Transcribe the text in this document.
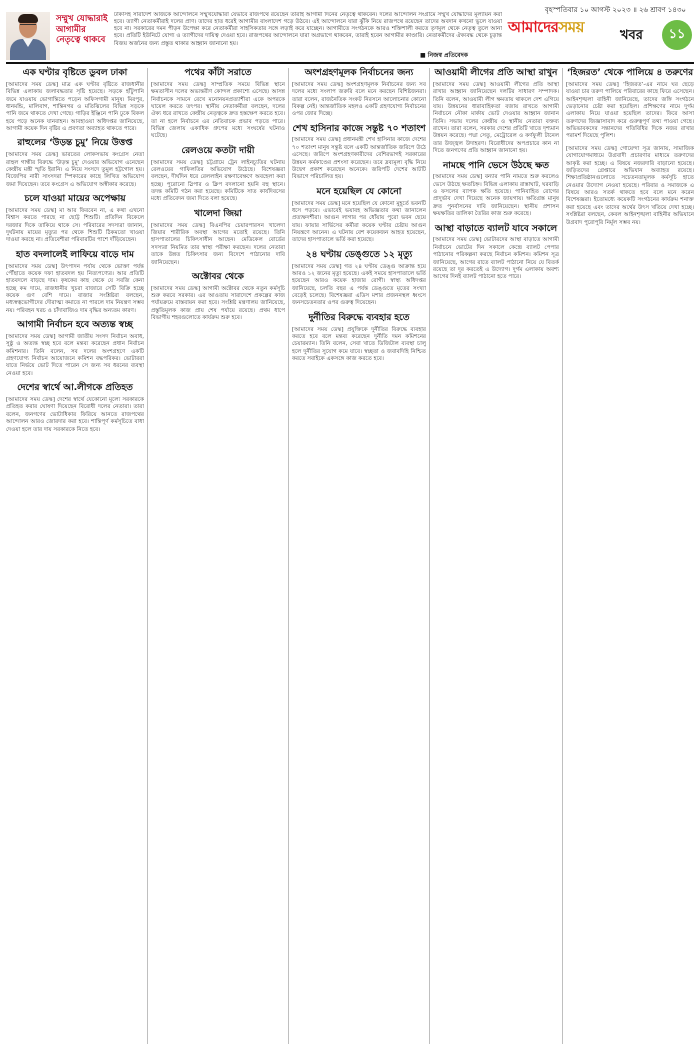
বৃহস্পতিবার ১০ আগস্ট ২০২৩ ॥ ২৬ শ্রাবণ ১৪৩০
সম্মুখ যোদ্ধারাই আগামীর নেতৃত্বে থাকবে
ঢাকাসহ সারাদেশ আজকে আন্দোলনে সম্মুখযোদ্ধারা যেভাবে রাজপথে রয়েছেন তারাই আগামী দিনের নেতৃত্বে থাকবেন। দলের আন্দোলন সংগ্রামে সম্মুখ যোদ্ধাদের মূল্যায়ন করা হবে। ত্যাগী নেতাকর্মীরাই দলের প্রাণ। তাদের হাত ধরেই আগামীর বাংলাদেশ গড়ে উঠবে। এই আন্দোলনে যারা ঝুঁকি নিয়ে রাজপথে রয়েছেন তাদের অবদান কখনো ভুলে যাওয়া হবে না। সরকারের দমন পীড়ন উপেক্ষা করে নেতাকর্মীরা সাহসিকতার সঙ্গে লড়াই করে যাচ্ছেন। আগামীতে সংগঠনকে আরও শক্তিশালী করতে তৃণমূল থেকে নেতৃত্ব তুলে আনা হবে। প্রতিটি ইউনিটে যোগ্য ও ত্যাগীদের দায়িত্ব দেওয়া হবে। রাজপথের আন্দোলনে যারা অগ্রভাগে থাকবেন, তারাই হবেন আগামীর কাণ্ডারি। নেতাকর্মীদের ঐক্যবদ্ধ থেকে চূড়ান্ত বিজয় অর্জনের জন্য প্রস্তুত থাকার আহ্বান জানানো হয়।
আমাদেরসময়	খবর	১১
■ নিজস্ব প্রতিবেদক
এক ঘণ্টার বৃষ্টিতে ডুবল ঢাকা
[আমাদের সময় ডেস্ক] মাত্র এক ঘণ্টার বৃষ্টিতে রাজধানীর বিভিন্ন এলাকায় জলাবদ্ধতার সৃষ্টি হয়েছে। সড়কে হাঁটুপানি জমে যাওয়ায় ভোগান্তিতে পড়েন অফিসগামী মানুষ। মিরপুর, ধানমন্ডি, মালিবাগ, শান্তিনগর ও মতিঝিলের বিভিন্ন সড়কে পানি জমে থাকতে দেখা গেছে। গাড়ির ইঞ্জিনে পানি ঢুকে বিকল হয়ে পড়ে অনেক যানবাহন। আবহাওয়া অধিদপ্তর জানিয়েছে, আগামী কয়েক দিন বৃষ্টির এ প্রবণতা অব্যাহত থাকতে পারে।
রাহুলের ‘উড়ন্ত চুমু’ নিয়ে উত্তপ্ত
[আমাদের সময় ডেস্ক] ভারতের লোকসভায় কংগ্রেস নেতা রাহুল গান্ধীর বিরুদ্ধে ‘উড়ন্ত চুমু’ দেওয়ার অভিযোগ এনেছেন কেন্দ্রীয় মন্ত্রী স্মৃতি ইরানি। এ নিয়ে সংসদে তুমুল হট্টগোল হয়। বিজেপির নারী সাংসদরা স্পিকারের কাছে লিখিত অভিযোগ জমা দিয়েছেন। তবে কংগ্রেস এ অভিযোগ অস্বীকার করেছে।
চলে যাওয়া মায়ের অপেক্ষায়
[আমাদের সময় ডেস্ক] মা আর ফিরবেন না, এ কথা এখনো বিশ্বাস করতে পারছে না ছোট্ট শিশুটি। প্রতিদিন বিকেলে দরজার দিকে তাকিয়ে থাকে সে। পরিবারের সদস্যরা জানান, দুর্ঘটনায় মায়ের মৃত্যুর পর থেকে শিশুটি ঠিকমতো খাওয়া দাওয়া করছে না। প্রতিবেশীরা পরিবারটির পাশে দাঁড়িয়েছেন।
হাত বদলালেই লাফিয়ে বাড়ে দাম
[আমাদের সময় ডেস্ক] উৎপাদন পর্যায় থেকে ভোক্তা পর্যন্ত পৌঁছাতে কয়েক দফা হাতবদল হয় নিত্যপণ্যের। আর প্রতিটি হাতবদলে বাড়ছে দাম। কৃষকের কাছ থেকে যে সবজি কেনা হচ্ছে কম দামে, রাজধানীর খুচরা বাজারে সেটি বিক্রি হচ্ছে কয়েক গুণ বেশি দামে। বাজার সংশ্লিষ্টরা বলছেন, মধ্যস্বত্বভোগীদের দৌরাত্ম্য কমাতে না পারলে দাম নিয়ন্ত্রণ সম্ভব নয়। পরিবহন খরচ ও চাঁদাবাজিও দাম বৃদ্ধির অন্যতম কারণ।
আগামী নির্বাচন হবে অত্যন্ত স্বচ্ছ
[আমাদের সময় ডেস্ক] আগামী জাতীয় সংসদ নির্বাচন অবাধ, সুষ্ঠু ও অত্যন্ত স্বচ্ছ হবে বলে মন্তব্য করেছেন প্রধান নির্বাচন কমিশনার। তিনি বলেন, সব দলের অংশগ্রহণে একটি গ্রহণযোগ্য নির্বাচন আয়োজনে কমিশন বদ্ধপরিকর। ভোটাররা যাতে নির্ভয়ে ভোট দিতে পারেন সে জন্য সব ধরনের ব্যবস্থা নেওয়া হবে।
দেশের স্বার্থে আ.লীগকে প্রতিহত
[আমাদের সময় ডেস্ক] দেশের স্বার্থে যেকোনো মূল্যে সরকারকে প্রতিহত করার ঘোষণা দিয়েছেন বিরোধী দলের নেতারা। তারা বলেন, জনগণের ভোটাধিকার ফিরিয়ে আনতে রাজপথের আন্দোলন আরও জোরদার করা হবে। শান্তিপূর্ণ কর্মসূচিতে বাধা দেওয়া হলে তার দায় সরকারকে নিতে হবে।
পথের কাঁটা সরাতে
[আমাদের সময় ডেস্ক] সাম্প্রতিক সময়ে বিভিন্ন স্থানে ক্ষমতাসীন দলের অভ্যন্তরীণ কোন্দল প্রকাশ্যে এসেছে। আসন্ন নির্বাচনকে সামনে রেখে মনোনয়নপ্রত্যাশীরা একে অপরকে ঘায়েল করতে তৎপর। স্থানীয় নেতাকর্মীরা বলছেন, দলের ঐক্য ধরে রাখতে কেন্দ্রীয় নেতৃত্বকে দ্রুত হস্তক্ষেপ করতে হবে। তা না হলে নির্বাচনে এর নেতিবাচক প্রভাব পড়তে পারে। বিভিন্ন জেলায় একাধিক গ্রুপের মধ্যে সংঘর্ষের ঘটনাও ঘটেছে।
রেলওয়ে কতটা দায়ী
[আমাদের সময় ডেস্ক] চট্টগ্রামে ট্রেন লাইনচ্যুতির ঘটনায় রেলওয়ের গাফিলতির অভিযোগ উঠেছে। বিশেষজ্ঞরা বলছেন, দীর্ঘদিন ধরে রেললাইন রক্ষণাবেক্ষণে অবহেলা করা হচ্ছে। পুরোনো স্লিপার ও ক্লিপ বদলানো হয়নি বহু স্থানে। তদন্ত কমিটি গঠন করা হয়েছে। কমিটিকে সাত কার্যদিবসের মধ্যে প্রতিবেদন জমা দিতে বলা হয়েছে।
খালেদা জিয়া
[আমাদের সময় ডেস্ক] বিএনপির চেয়ারপারসন খালেদা জিয়ার শারীরিক অবস্থা আগের মতোই রয়েছে। তিনি হাসপাতালের চিকিৎসাধীন আছেন। মেডিকেল বোর্ডের সদস্যরা নিয়মিত তার স্বাস্থ্য পরীক্ষা করছেন। দলের নেতারা তাকে উন্নত চিকিৎসার জন্য বিদেশে পাঠানোর দাবি জানিয়েছেন।
অক্টোবর থেকে
[আমাদের সময় ডেস্ক] আগামী অক্টোবর থেকে নতুন কর্মসূচি শুরু করবে সরকার। এর আওতায় সারাদেশে প্রকল্পের কাজ পর্যায়ক্রমে বাস্তবায়ন করা হবে। সংশ্লিষ্ট মন্ত্রণালয় জানিয়েছে, প্রস্তুতিমূলক কাজ প্রায় শেষ পর্যায়ে রয়েছে। প্রথম ধাপে বিভাগীয় শহরগুলোতে কার্যক্রম শুরু হবে।
অংশগ্রহণমূলক নির্বাচনের জন্য
[আমাদের সময় ডেস্ক] অংশগ্রহণমূলক নির্বাচনের জন্য সব দলের মধ্যে সংলাপ জরুরি বলে মনে করছেন বিশিষ্টজনরা। তারা বলেন, রাজনৈতিক সংকট নিরসনে আলোচনার কোনো বিকল্প নেই। আন্তর্জাতিক মহলও একটি গ্রহণযোগ্য নির্বাচনের ওপর জোর দিচ্ছে।
শেখ হাসিনার কাজে সন্তুষ্ট ৭০ শতাংশ
[আমাদের সময় ডেস্ক] প্রধানমন্ত্রী শেখ হাসিনার কাজে দেশের ৭০ শতাংশ মানুষ সন্তুষ্ট বলে একটি আন্তর্জাতিক জরিপে উঠে এসেছে। জরিপে অংশগ্রহণকারীদের বেশিরভাগই সরকারের উন্নয়ন কর্মকাণ্ডের প্রশংসা করেছেন। তবে দ্রব্যমূল্য বৃদ্ধি নিয়ে উদ্বেগ প্রকাশ করেছেন অনেকে। জরিপটি দেশের আটটি বিভাগে পরিচালিত হয়।
মনে হয়েছিল যে কোনো
[আমাদের সময় ডেস্ক] মনে হয়েছিল যে কোনো মুহূর্তে ভবনটি ধসে পড়বে। এভাবেই ভয়াবহ অভিজ্ঞতার কথা জানালেন প্রত্যক্ষদর্শীরা। আগুন লাগার পর ধোঁয়ায় পুরো ভবন ছেয়ে যায়। ফায়ার সার্ভিসের কর্মীরা কয়েক ঘণ্টার চেষ্টায় আগুন নিয়ন্ত্রণে আনেন। এ ঘটনায় বেশ কয়েকজন আহত হয়েছেন, তাদের হাসপাতালে ভর্তি করা হয়েছে।
২৪ ঘণ্টায় ডেঙ্গুতে ১২ মৃত্যু
[আমাদের সময় ডেস্ক] গত ২৪ ঘণ্টায় ডেঙ্গু আক্রান্ত হয়ে আরও ১২ জনের মৃত্যু হয়েছে। একই সময়ে হাসপাতালে ভর্তি হয়েছেন আরও কয়েক হাজার রোগী। স্বাস্থ্য অধিদপ্তর জানিয়েছে, চলতি বছর এ পর্যন্ত ডেঙ্গুতে মৃতের সংখ্যা বেড়েই চলেছে। বিশেষজ্ঞরা এডিস মশার প্রজননস্থল ধ্বংসে জনসচেতনতার ওপর গুরুত্ব দিয়েছেন।
দুর্নীতির বিরুদ্ধে ব্যবহার হতে
[আমাদের সময় ডেস্ক] প্রযুক্তিকে দুর্নীতির বিরুদ্ধে ব্যবহার করতে হবে বলে মন্তব্য করেছেন দুর্নীতি দমন কমিশনের চেয়ারম্যান। তিনি বলেন, সেবা খাতে ডিজিটাল ব্যবস্থা চালু হলে দুর্নীতির সুযোগ কমে যাবে। স্বচ্ছতা ও জবাবদিহি নিশ্চিত করতে সবাইকে একসঙ্গে কাজ করতে হবে।
আওয়ামী লীগের প্রতি আস্থা রাখুন
[আমাদের সময় ডেস্ক] আওয়ামী লীগের প্রতি আস্থা রাখার আহ্বান জানিয়েছেন দলটির সাধারণ সম্পাদক। তিনি বলেন, আওয়ামী লীগ ক্ষমতায় থাকলে দেশ এগিয়ে যায়। উন্নয়নের ধারাবাহিকতা বজায় রাখতে আগামী নির্বাচনে নৌকা মার্কায় ভোট দেওয়ার আহ্বান জানান তিনি। সভায় দলের কেন্দ্রীয় ও স্থানীয় নেতারা বক্তব্য রাখেন। তারা বলেন, সরকার দেশের প্রতিটি খাতে দৃশ্যমান উন্নয়ন করেছে। পদ্মা সেতু, মেট্রোরেল ও কর্ণফুলী টানেল তার উজ্জ্বল উদাহরণ। বিরোধীদের অপপ্রচারে কান না দিতে জনগণের প্রতি আহ্বান জানানো হয়।
নামছে পানি ভেসে উঠছে ক্ষত
[আমাদের সময় ডেস্ক] বন্যার পানি নামতে শুরু করলেও ভেসে উঠছে ক্ষতচিহ্ন। বিভিন্ন এলাকায় রাস্তাঘাট, ঘরবাড়ি ও ফসলের ব্যাপক ক্ষতি হয়েছে। পানিবাহিত রোগের প্রাদুর্ভাব দেখা দিয়েছে অনেক জায়গায়। ক্ষতিগ্রস্ত মানুষ দ্রুত পুনর্বাসনের দাবি জানিয়েছেন। স্থানীয় প্রশাসন ক্ষয়ক্ষতির তালিকা তৈরির কাজ শুরু করেছে।
আস্থা বাড়াতে ব্যালট যাবে সকালে
[আমাদের সময় ডেস্ক] ভোটারদের আস্থা বাড়াতে আগামী নির্বাচনে ভোটের দিন সকালে কেন্দ্রে ব্যালট পেপার পাঠানোর পরিকল্পনা করছে নির্বাচন কমিশন। কমিশন সূত্র জানিয়েছে, আগের রাতে ব্যালট পাঠানো নিয়ে যে বিতর্ক রয়েছে তা দূর করতেই এ উদ্যোগ। দুর্গম এলাকায় অবশ্য আগের দিনই ব্যালট পাঠানো হতে পারে।
‘হিজরত’ থেকে পালিয়ে ৪ তরুণের
[আমাদের সময় ডেস্ক] ‘হিজরত’-এর নামে ঘর ছেড়ে যাওয়া চার তরুণ পালিয়ে পরিবারের কাছে ফিরে এসেছেন। আইনশৃঙ্খলা বাহিনী জানিয়েছে, তাদের জঙ্গি সংগঠনে ভেড়ানোর চেষ্টা করা হয়েছিল। প্রশিক্ষণের নামে দুর্গম এলাকায় নিয়ে যাওয়া হয়েছিল তাদের। ফিরে আসা তরুণদের জিজ্ঞাসাবাদ করে গুরুত্বপূর্ণ তথ্য পাওয়া গেছে। অভিভাবকদের সন্তানদের গতিবিধির দিকে নজর রাখার পরামর্শ দিয়েছে পুলিশ।
[আমাদের সময় ডেস্ক] গোয়েন্দা সূত্র জানায়, সামাজিক যোগাযোগমাধ্যমে উগ্রবাদী প্রচারণার মাধ্যমে তরুণদের আকৃষ্ট করা হচ্ছে। এ বিষয়ে নজরদারি বাড়ানো হয়েছে। জড়িতদের গ্রেপ্তারে অভিযান অব্যাহত রয়েছে। শিক্ষাপ্রতিষ্ঠানগুলোতে সচেতনতামূলক কর্মসূচি হাতে নেওয়ার উদ্যোগ নেওয়া হয়েছে। পরিবার ও সমাজকে এ বিষয়ে আরও সতর্ক থাকতে হবে বলে মনে করেন বিশেষজ্ঞরা। ইতোমধ্যে কয়েকটি সংগঠনের কার্যক্রম শনাক্ত করা হয়েছে এবং তাদের অর্থের উৎস খতিয়ে দেখা হচ্ছে। সংশ্লিষ্টরা বলছেন, কেবল আইনশৃঙ্খলা বাহিনীর অভিযানে উগ্রবাদ পুরোপুরি নির্মূল সম্ভব নয়।
